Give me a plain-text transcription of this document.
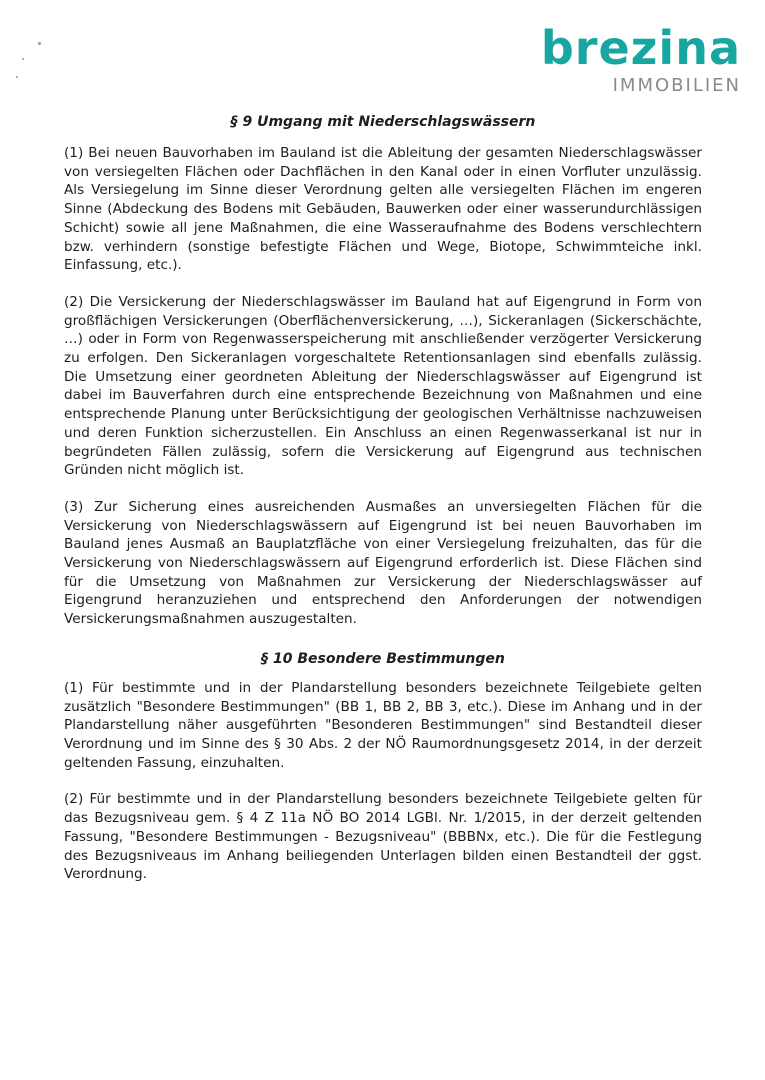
brezina
IMMOBILIEN
§ 9 Umgang mit Niederschlagswässern

(1) Bei neuen Bauvorhaben im Bauland ist die Ableitung der gesamten Niederschlagswässer von versiegelten Flächen oder Dachflächen in den Kanal oder in einen Vorfluter unzulässig. Als Versiegelung im Sinne dieser Verordnung gelten alle versiegelten Flächen im engeren Sinne (Abdeckung des Bodens mit Gebäuden, Bauwerken oder einer wasserundurchlässigen Schicht) sowie all jene Maßnahmen, die eine Wasseraufnahme des Bodens verschlechtern bzw. verhindern (sonstige befestigte Flächen und Wege, Biotope, Schwimmteiche inkl. Einfassung, etc.).

(2) Die Versickerung der Niederschlagswässer im Bauland hat auf Eigengrund in Form von großflächigen Versickerungen (Oberflächenversickerung, …), Sickeranlagen (Sickerschächte, …) oder in Form von Regenwasserspeicherung mit anschließender verzögerter Versickerung zu erfolgen. Den Sickeranlagen vorgeschaltete Retentionsanlagen sind ebenfalls zulässig. Die Umsetzung einer geordneten Ableitung der Niederschlagswässer auf Eigengrund ist dabei im Bauverfahren durch eine entsprechende Bezeichnung von Maßnahmen und eine entsprechende Planung unter Berücksichtigung der geologischen Verhältnisse nachzuweisen und deren Funktion sicherzustellen. Ein Anschluss an einen Regenwasserkanal ist nur in begründeten Fällen zulässig, sofern die Versickerung auf Eigengrund aus technischen Gründen nicht möglich ist.

(3) Zur Sicherung eines ausreichenden Ausmaßes an unversiegelten Flächen für die Versickerung von Niederschlagswässern auf Eigengrund ist bei neuen Bauvorhaben im Bauland jenes Ausmaß an Bauplatzfläche von einer Versiegelung freizuhalten, das für die Versickerung von Niederschlagswässern auf Eigengrund erforderlich ist. Diese Flächen sind für die Umsetzung von Maßnahmen zur Versickerung der Niederschlagswässer auf Eigengrund heranzuziehen und entsprechend den Anforderungen der notwendigen Versickerungsmaßnahmen auszugestalten.

§ 10 Besondere Bestimmungen

(1) Für bestimmte und in der Plandarstellung besonders bezeichnete Teilgebiete gelten zusätzlich "Besondere Bestimmungen" (BB 1, BB 2, BB 3, etc.). Diese im Anhang und in der Plandarstellung näher ausgeführten "Besonderen Bestimmungen" sind Bestandteil dieser Verordnung und im Sinne des § 30 Abs. 2 der NÖ Raumordnungsgesetz 2014, in der derzeit geltenden Fassung, einzuhalten.

(2) Für bestimmte und in der Plandarstellung besonders bezeichnete Teilgebiete gelten für das Bezugsniveau gem. § 4 Z 11a NÖ BO 2014 LGBl. Nr. 1/2015, in der derzeit geltenden Fassung, "Besondere Bestimmungen - Bezugsniveau" (BBBNx, etc.). Die für die Festlegung des Bezugsniveaus im Anhang beiliegenden Unterlagen bilden einen Bestandteil der ggst. Verordnung.
